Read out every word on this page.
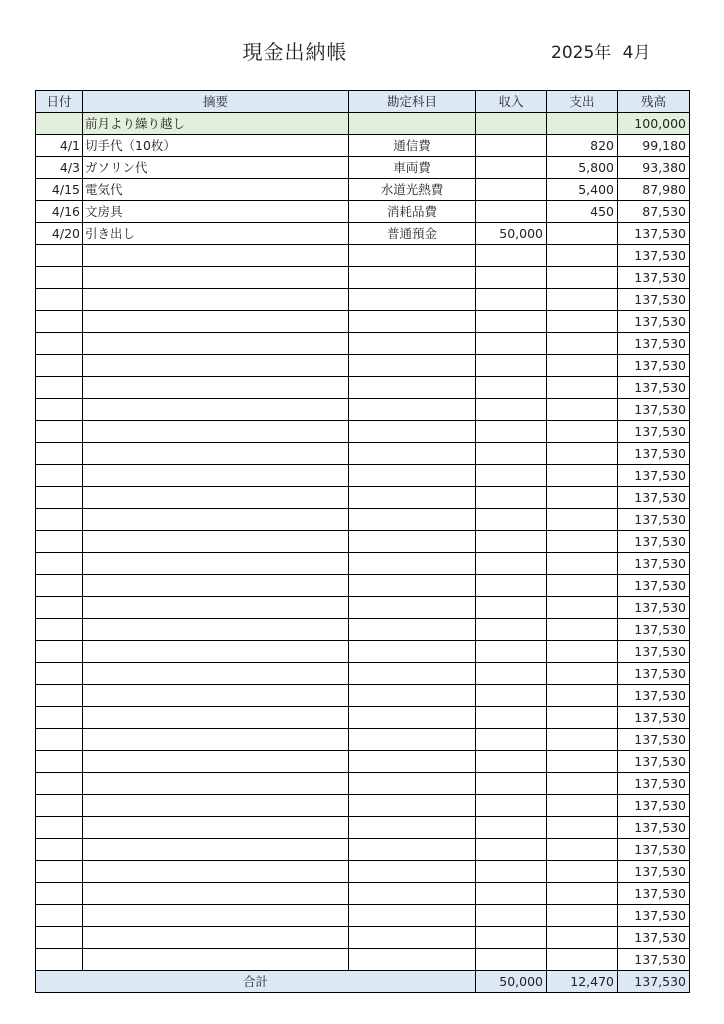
現金出納帳	2025年 4月
日付	摘要	勘定科目	収入	支出	残高
	前月より繰り越し				100,000
4/1	切手代（10枚）	通信費		820	99,180
4/3	ガソリン代	車両費		5,800	93,380
4/15	電気代	水道光熱費		5,400	87,980
4/16	文房具	消耗品費		450	87,530
4/20	引き出し	普通預金	50,000		137,530
					137,530
					137,530
					137,530
					137,530
					137,530
					137,530
					137,530
					137,530
					137,530
					137,530
					137,530
					137,530
					137,530
					137,530
					137,530
					137,530
					137,530
					137,530
					137,530
					137,530
					137,530
					137,530
					137,530
					137,530
					137,530
					137,530
					137,530
					137,530
					137,530
					137,530
					137,530
					137,530
					137,530
合計			50,000	12,470	137,530
